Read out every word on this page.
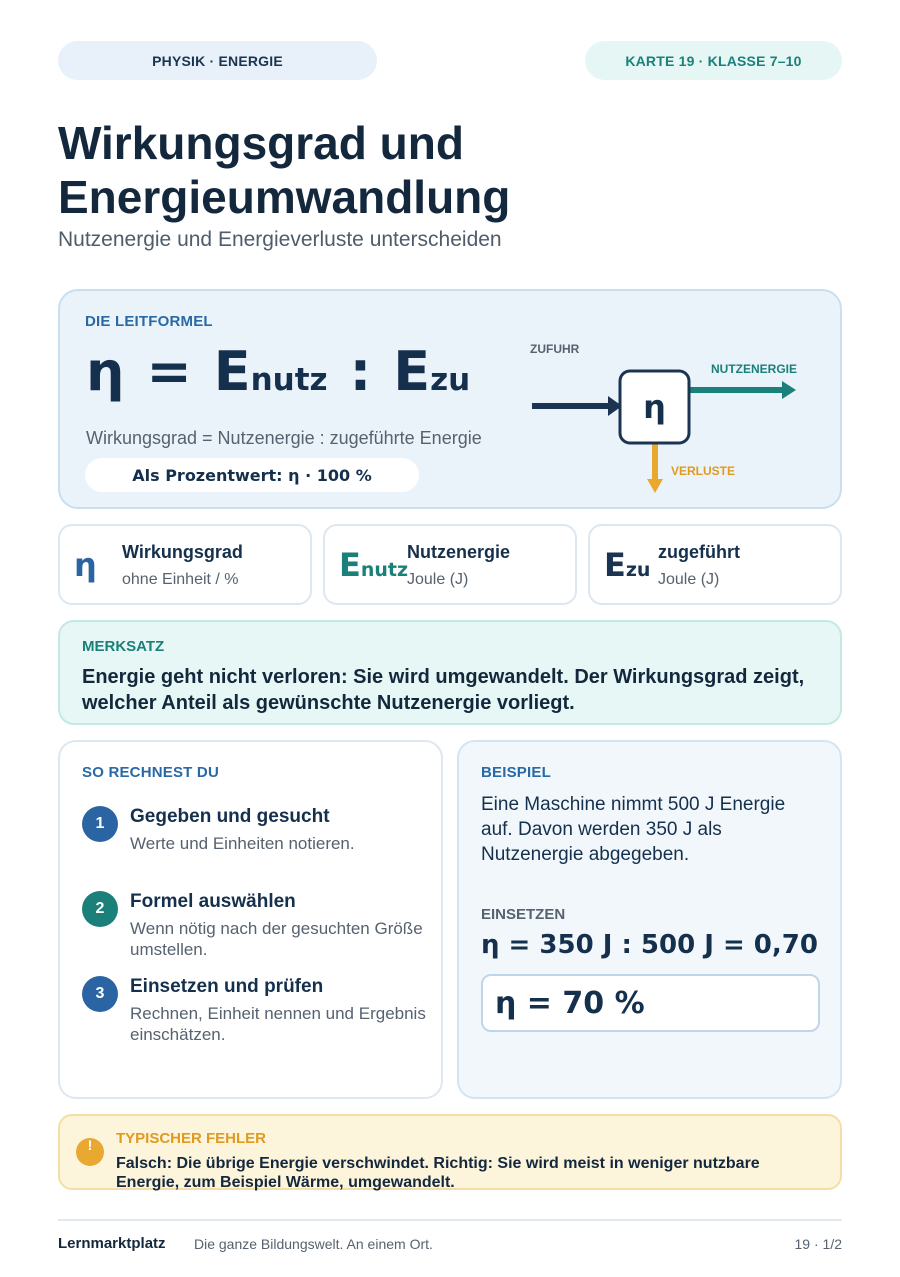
PHYSIK · ENERGIE	KARTE 19 · KLASSE 7–10
Wirkungsgrad und Energieumwandlung
Nutzenergie und Energieverluste unterscheiden
DIE LEITFORMEL
η = E nutz : E zu
Wirkungsgrad = Nutzenergie : zugeführte Energie
Als Prozentwert: η · 100 %
ZUFUHR
NUTZENERGIE
VERLUSTE
η
η Wirkungsgrad
ohne Einheit / %	Enutz
Nutzenergie
Joule (J)	Ezu
zugeführt
Joule (J)
MERKSATZ
Energie geht nicht verloren: Sie wird umgewandelt. Der Wirkungsgrad zeigt, welcher Anteil als gewünschte Nutzenergie vorliegt.
SO RECHNEST DU
1	Gegeben und gesucht
Werte und Einheiten notieren.
2	Formel auswählen
Wenn nötig nach der gesuchten Größe umstellen.
3	Einsetzen und prüfen
Rechnen, Einheit nennen und Ergebnis einschätzen.
BEISPIEL
Eine Maschine nimmt 500 J Energie auf. Davon werden 350 J als Nutzenergie abgegeben.
EINSETZEN
η = 350 J : 500 J = 0,70
η = 70 %
!	TYPISCHER FEHLER
Falsch: Die übrige Energie verschwindet. Richtig: Sie wird meist in weniger nutzbare Energie, zum Beispiel Wärme, umgewandelt.
Lernmarktplatz Die ganze Bildungswelt. An einem Ort.	19 · 1/2
